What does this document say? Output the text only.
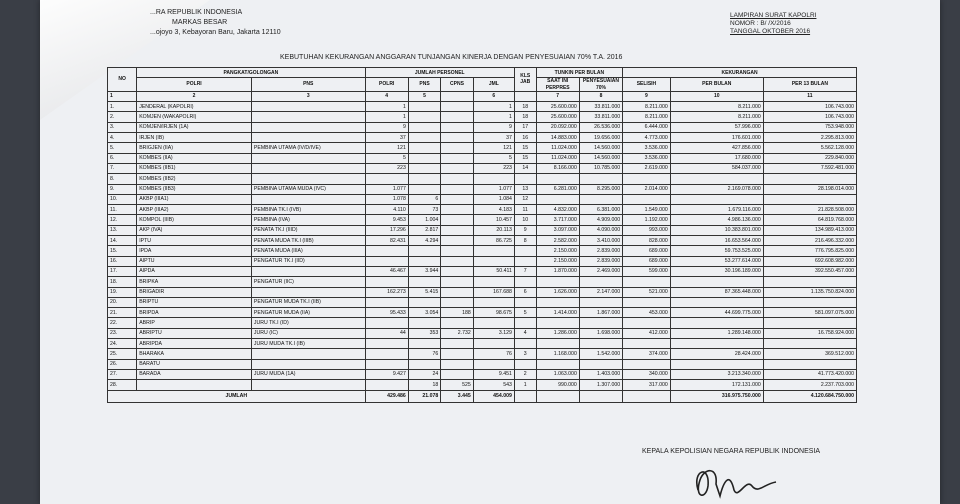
...RA REPUBLIK INDONESIA
MARKAS BESAR
...ojoyo 3, Kebayoran Baru, Jakarta 12110
LAMPIRAN SURAT KAPOLRI
NOMOR : B/ /X/2016
TANGGAL OKTOBER 2016
KEBUTUHAN KEKURANGAN ANGGARAN TUNJANGAN KINERJA DENGAN PENYESUAIAN 70% T.A. 2016
NO	PANGKAT/GOLONGAN		JUMLAH PERSONEL				KLS JAB	TUNKIN PER BULAN		KEKURANGAN		
	POLRI	PNS	POLRI	PNS	CPNS	JML		SAAT INI PERPRES	PENYESUAIAN 70%	SELISIH	PER BULAN	PER 13 BULAN
1	2	3	4	5		6		7	8	9	10	11
1.	JENDERAL (KAPOLRI)		1			1	18	25.600.000	33.811.000	8.211.000	8.211.000	106.743.000
2.	KOMJEN (WAKAPOLRI)		1			1	18	25.600.000	33.811.000	8.211.000	8.211.000	106.743.000
3.	KOMJEN/IRJEN (1A)		9			9	17	20.092.000	26.536.000	6.444.000	57.996.000	753.948.000
4.	IRJEN (IB)		37			37	16	14.883.000	19.656.000	4.773.000	176.601.000	2.295.813.000
5.	BRIGJEN (IIA)	PEMBINA UTAMA (IV/D/IVE)	121			121	15	11.024.000	14.560.000	3.536.000	427.856.000	5.562.128.000
6.	KOMBES (IIA)		5			5	15	11.024.000	14.560.000	3.536.000	17.680.000	229.840.000
7.	KOMBES (IIB1)		223			223	14	8.166.000	10.785.000	2.619.000	584.037.000	7.592.481.000
8.	KOMBES (IIB2)											
9.	KOMBES (IIB3)	PEMBINA UTAMA MUDA (IVC)	1.077			1.077	13	6.281.000	8.295.000	2.014.000	2.169.078.000	28.198.014.000
10.	AKBP (IIIA1)		1.078	6		1.084	12					
11.	AKBP (IIIA2)	PEMBINA TK.I (IVB)	4.110	73		4.183	11	4.832.000	6.381.000	1.549.000	1.679.116.000	21.828.508.000
12.	KOMPOL (IIIB)	PEMBINA (IVA)	9.453	1.004		10.457	10	3.717.000	4.909.000	1.192.000	4.986.136.000	64.819.768.000
13.	AKP (IVA)	PENATA TK.I (IIID)	17.296	2.817		20.113	9	3.097.000	4.090.000	993.000	10.383.801.000	134.989.413.000
14.	IPTU	PENATA MUDA TK.I (IIIB)	82.431	4.294		86.725	8	2.582.000	3.410.000	828.000	16.653.564.000	216.496.332.000
15.	IPDA	PENATA MUDA (IIIA)						2.150.000	2.839.000	689.000	59.753.525.000	776.795.825.000
16.	AIPTU	PENGATUR TK.I (IID)						2.150.000	2.839.000	689.000	53.277.614.000	692.608.982.000
17.	AIPDA		46.467	3.944		50.411	7	1.870.000	2.469.000	599.000	30.196.189.000	392.550.457.000
18.	BRIPKA	PENGATUR (IIC)										
19.	BRIGADIR		162.273	5.415		167.688	6	1.626.000	2.147.000	521.000	87.365.448.000	1.135.750.824.000
20.	BRIPTU	PENGATUR MUDA TK.I (IIB)										
21.	BRIPDA	PENGATUR MUDA (IIA)	95.433	3.054	188	98.675	5	1.414.000	1.867.000	453.000	44.699.775.000	581.097.075.000
22.	ABRIP	JURU TK.I (ID)										
23.	ABRIPTU	JURU (IC)	44	353	2.732	3.129	4	1.286.000	1.698.000	412.000	1.289.148.000	16.758.924.000
24.	ABRIPDA	JURU MUDA TK.I (IB)										
25.	BHARAKA			76		76	3	1.168.000	1.542.000	374.000	28.424.000	369.512.000
26.	BARATU											
27.	BARADA	JURU MUDA (1A)	9.427	24		9.451	2	1.063.000	1.403.000	340.000	3.213.340.000	41.773.420.000
28.				18	525	543	1	990.000	1.307.000	317.000	172.131.000	2.237.703.000
JUMLAH			429.486	21.078	3.445	454.009					316.975.750.000	4.120.684.750.000
KEPALA KEPOLISIAN NEGARA REPUBLIK INDONESIA
